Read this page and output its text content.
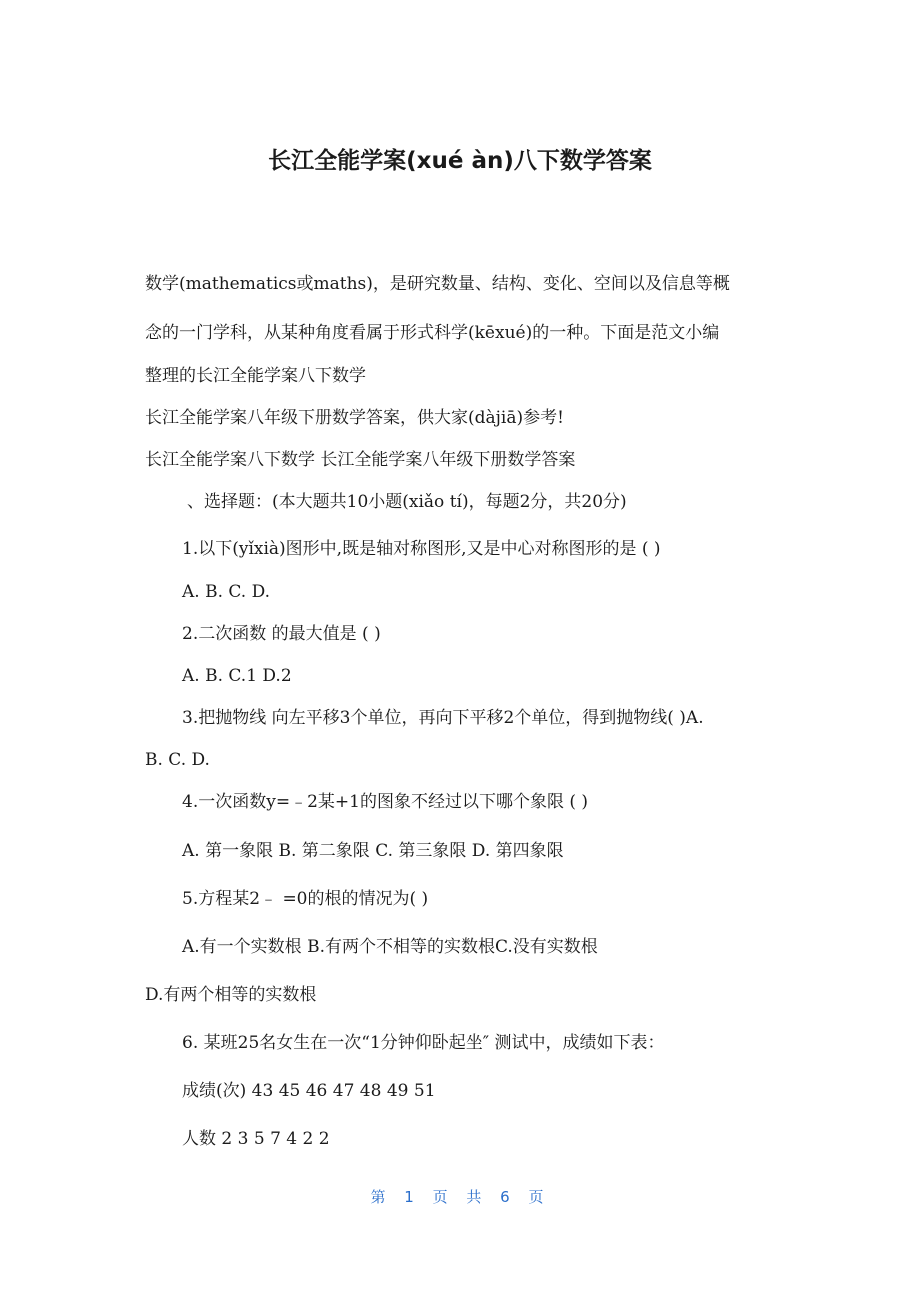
长江全能学案(xué àn)八下数学答案
数学(mathematics或maths)，是研究数量、结构、变化、空间以及信息等概
念的一门学科，从某种角度看属于形式科学(kēxué)的一种。下面是范文小编
整理的长江全能学案八下数学
长江全能学案八年级下册数学答案，供大家(dàjiā)参考!
长江全能学案八下数学 长江全能学案八年级下册数学答案
、选择题：(本大题共10小题(xiǎo tí)，每题2分，共20分)
1.以下(yǐxià)图形中,既是轴对称图形,又是中心对称图形的是 ( )
A. B. C. D.
2.二次函数 的最大值是 ( )
A. B. C.1 D.2
3.把抛物线 向左平移3个单位，再向下平移2个单位，得到抛物线( )A.
B. C. D.
4.一次函数y=﹣2某+1的图象不经过以下哪个象限 ( )
A. 第一象限 B. 第二象限 C. 第三象限 D. 第四象限
5.方程某2﹣ =0的根的情况为( )
A.有一个实数根 B.有两个不相等的实数根C.没有实数根
D.有两个相等的实数根
6. 某班25名女生在一次“1分钟仰卧起坐″ 测试中，成绩如下表：
成绩(次) 43 45 46 47 48 49 51
人数 2 3 5 7 4 2 2
第 1 页 共 6 页
